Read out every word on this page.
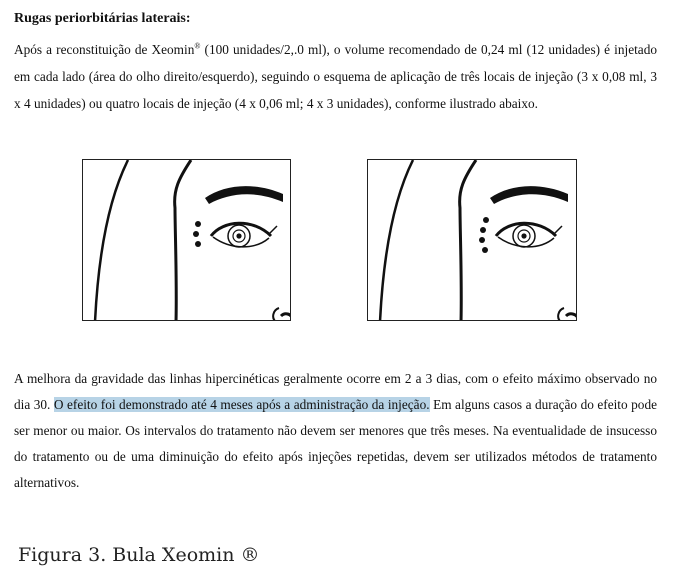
Rugas periorbitárias laterais:
Após a reconstituição de Xeomin® (100 unidades/2,.0 ml), o volume recomendado de 0,24 ml (12 unidades) é injetado em cada lado (área do olho direito/esquerdo), seguindo o esquema de aplicação de três locais de injeção (3 x 0,08 ml, 3 x 4 unidades) ou quatro locais de injeção (4 x 0,06 ml; 4 x 3 unidades), conforme ilustrado abaixo.
A melhora da gravidade das linhas hipercinéticas geralmente ocorre em 2 a 3 dias, com o efeito máximo observado no dia 30. O efeito foi demonstrado até 4 meses após a administração da injeção. Em alguns casos a duração do efeito pode ser menor ou maior. Os intervalos do tratamento não devem ser menores que três meses. Na eventualidade de insucesso do tratamento ou de uma diminuição do efeito após injeções repetidas, devem ser utilizados métodos de tratamento alternativos.
Figura 3. Bula Xeomin ®
